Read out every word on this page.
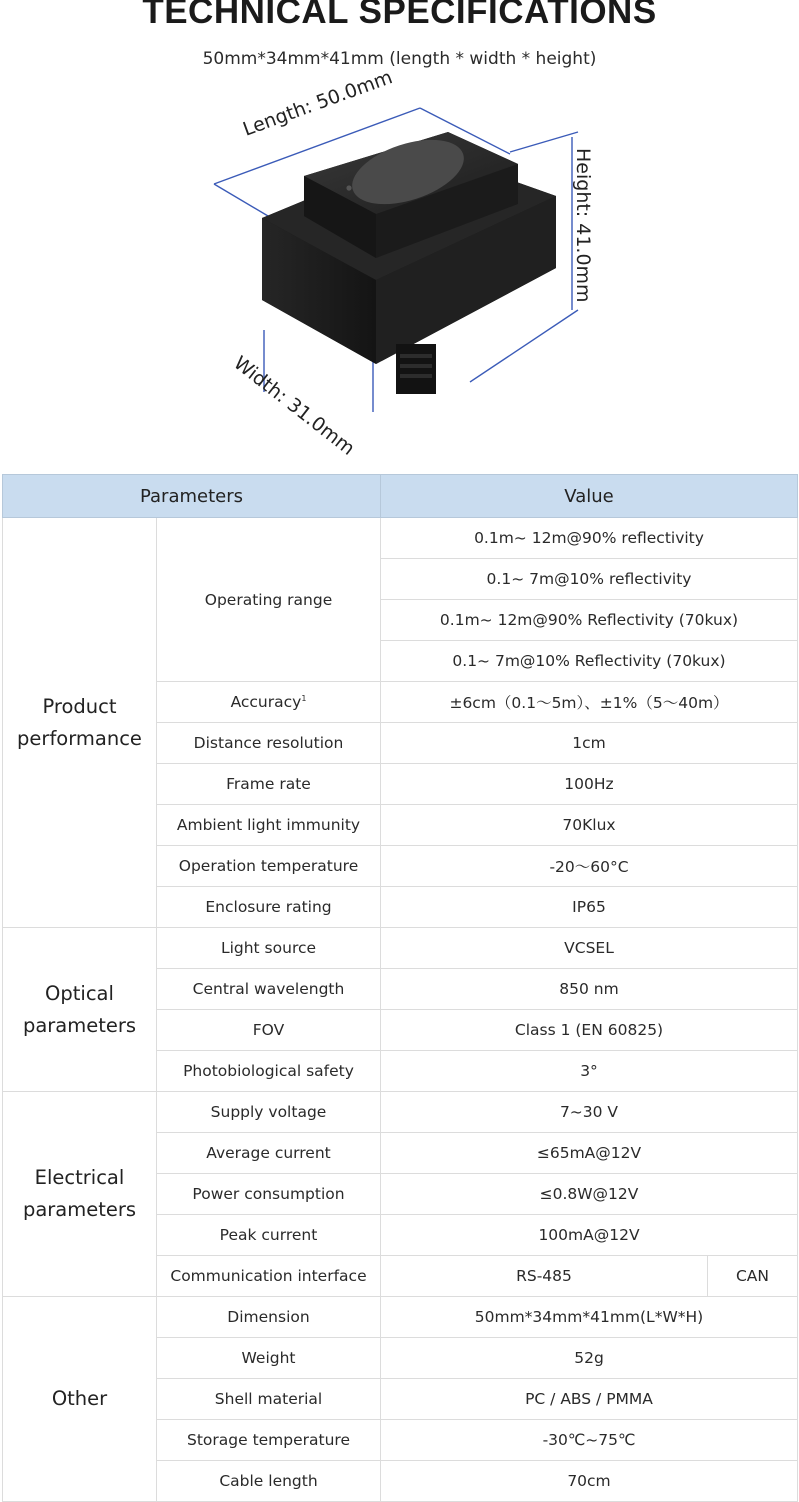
TECHNICAL SPECIFICATIONS
50mm*34mm*41mm (length * width * height)
Length: 50.0mm
Width: 31.0mm
Height: 41.0mm
Parameters		Value	
Product performance	Operating range	0.1m~ 12m@90% reflectivity	
		0.1~ 7m@10% reflectivity	
		0.1m~ 12m@90% Reflectivity (70kux)	
		0.1~ 7m@10% Reflectivity (70kux)	
	Accuracy$^1$	±6cm（0.1～5m）、±1%（5～40m）	
	Distance resolution	1cm	
	Frame rate	100Hz	
	Ambient light immunity	70Klux	
	Operation temperature	-20～60°C	
	Enclosure rating	IP65	
Optical parameters	Light source	VCSEL	
	Central wavelength	850 nm	
	FOV	Class 1 (EN 60825)	
	Photobiological safety	3°	
Electrical parameters	Supply voltage	7~30 V	
	Average current	≤65mA@12V	
	Power consumption	≤0.8W@12V	
	Peak current	100mA@12V	
	Communication interface	RS-485	CAN
Other	Dimension	50mm*34mm*41mm(L*W*H)	
	Weight	52g	
	Shell material	PC / ABS / PMMA	
	Storage temperature	-30℃~75℃	
	Cable length	70cm	
